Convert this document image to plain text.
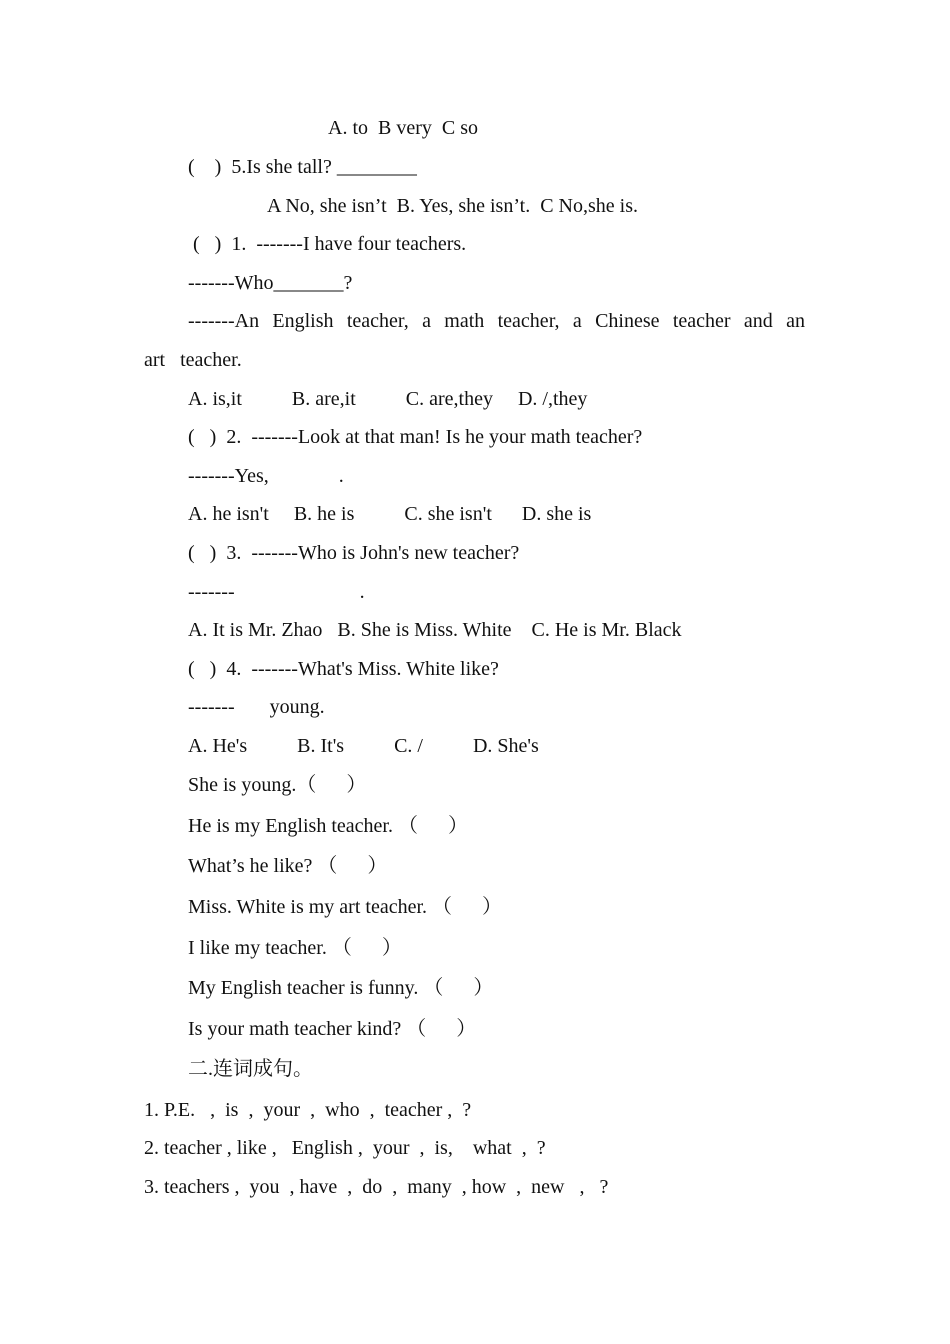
A. to  B very  C so
(    )  5.Is she tall? ________
A No, she isn’t  B. Yes, she isn’t.  C No,she is.
(   )  1.  -------I have four teachers.
-------Who_______?
-------An English teacher, a math teacher, a Chinese teacher and an
art   teacher.
A. is,it          B. are,it          C. are,they     D. /,they
(   )  2.  -------Look at that man! Is he your math teacher?
-------Yes,              .
A. he isn't     B. he is          C. she isn't      D. she is
(   )  3.  -------Who is John's new teacher?
-------                         .
A. It is Mr. Zhao   B. She is Miss. White    C. He is Mr. Black
(   )  4.  -------What's Miss. White like?
-------       young.
A. He's          B. It's          C. /          D. She's
She is young.（      ）
He is my English teacher. （      ）
What’s he like? （      ）
Miss. White is my art teacher. （      ）
I like my teacher. （      ）
My English teacher is funny. （      ）
Is your math teacher kind? （      ）
二.连词成句。
1. P.E.   ,  is  ,  your  ,  who  ,  teacher ,  ?
2. teacher , like ,   English ,  your  ,  is,    what  ,  ?
3. teachers ,  you  , have  ,  do  ,  many  , how  ,  new   ,   ?
